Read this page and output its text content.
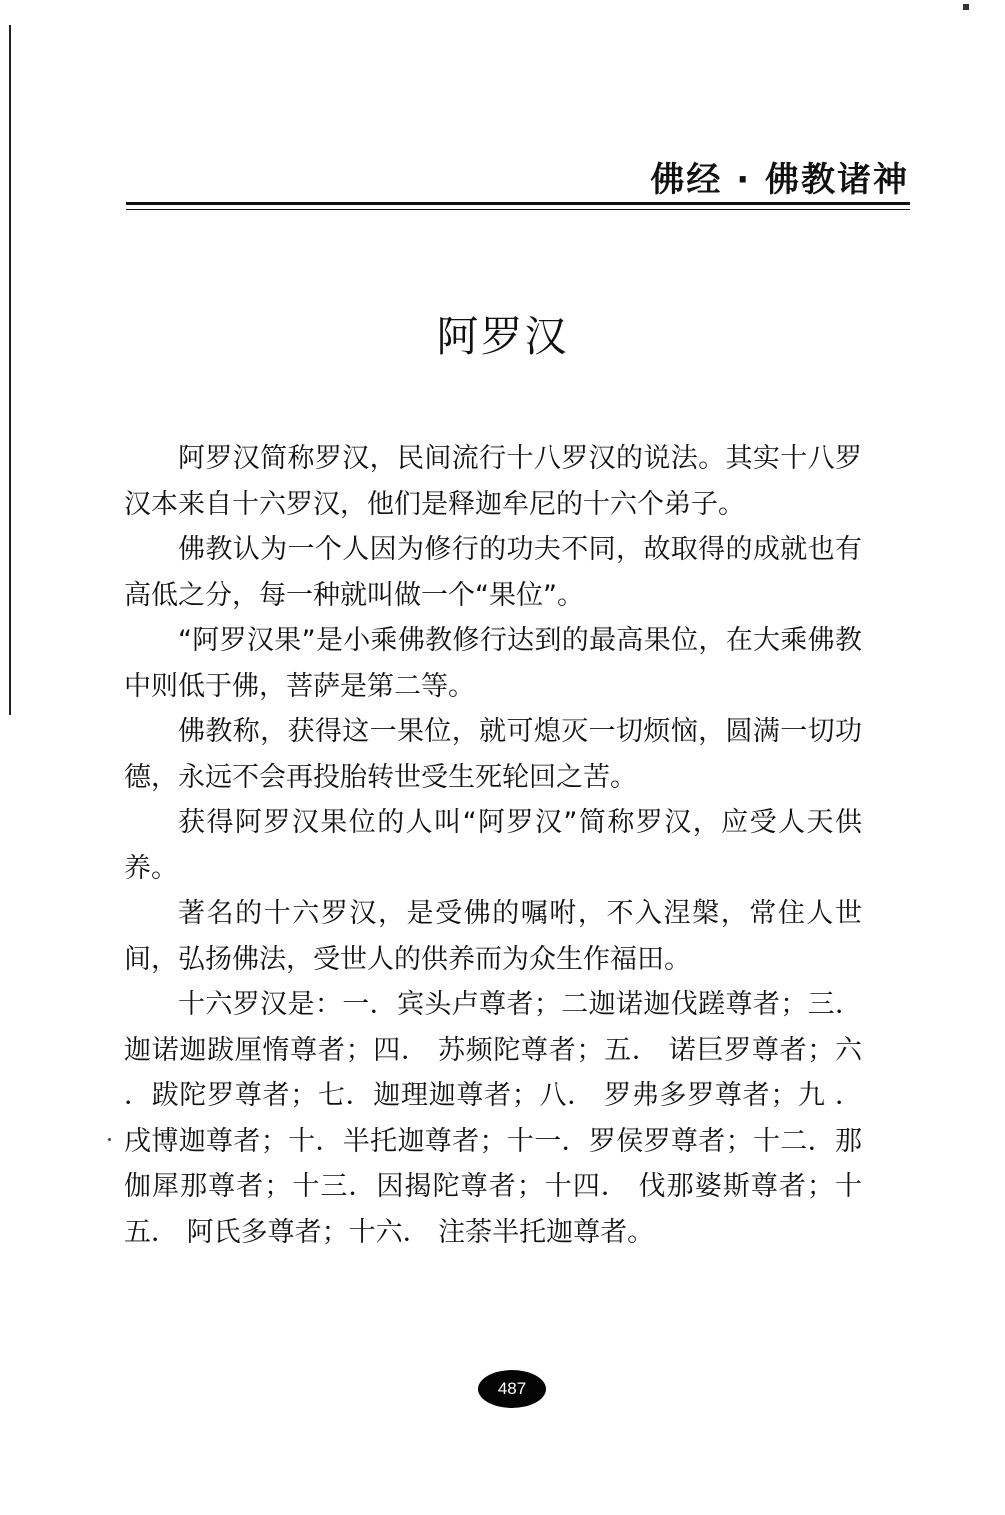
佛经 · 佛教诸神
阿罗汉

阿罗汉简称罗汉，民间流行十八罗汉的说法。其实十八罗汉本来自十六罗汉，他们是释迦牟尼的十六个弟子。

佛教认为一个人因为修行的功夫不同，故取得的成就也有高低之分，每一种就叫做一个“果位”。

“阿罗汉果”是小乘佛教修行达到的最高果位，在大乘佛教中则低于佛，菩萨是第二等。

佛教称，获得这一果位，就可熄灭一切烦恼，圆满一切功德，永远不会再投胎转世受生死轮回之苦。

获得阿罗汉果位的人叫“阿罗汉”简称罗汉，应受人天供养。

著名的十六罗汉，是受佛的嘱咐，不入涅槃，常住人世间，弘扬佛法，受世人的供养而为众生作福田。

十六罗汉是：一．宾头卢尊者；二迦诺迦伐蹉尊者；三． 迦诺迦跋厘惰尊者；四． 苏频陀尊者；五． 诺巨罗尊者；六 ．跋陀罗尊者；七．迦理迦尊者；八． 罗弗多罗尊者；九 ．戌博迦尊者；十．半托迦尊者；十一．罗侯罗尊者；十二．那伽犀那尊者；十三．因揭陀尊者；十四． 伐那婆斯尊者；十五． 阿氏多尊者；十六． 注荼半托迦尊者。

487
